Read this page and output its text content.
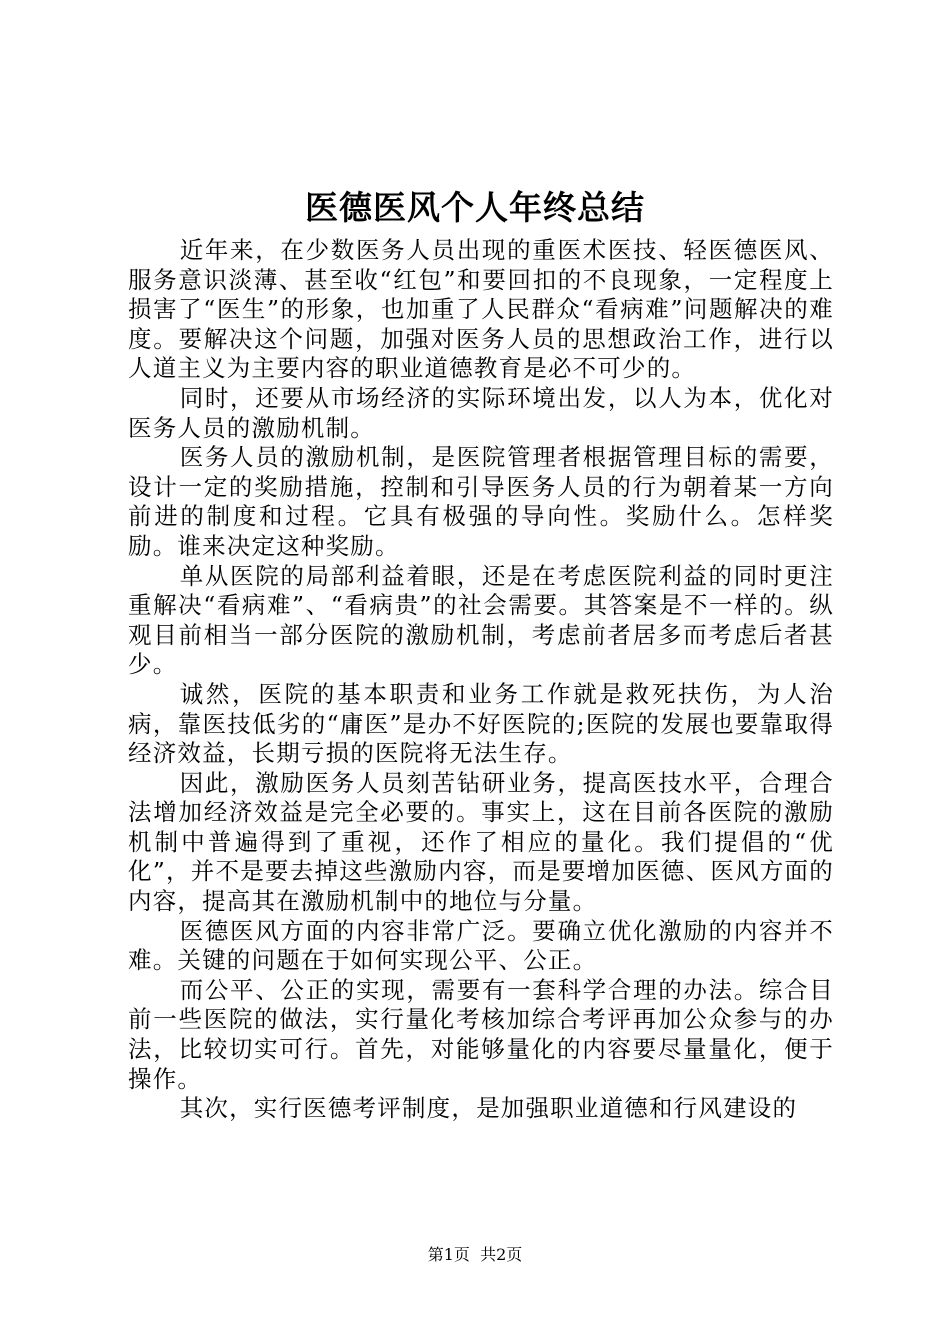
医德医风个人年终总结

近年来，在少数医务人员出现的重医术医技、轻医德医风、服务意识淡薄、甚至收“红包”和要回扣的不良现象，一定程度上损害了“医生”的形象，也加重了人民群众“看病难”问题解决的难度。要解决这个问题，加强对医务人员的思想政治工作，进行以人道主义为主要内容的职业道德教育是必不可少的。

同时，还要从市场经济的实际环境出发，以人为本，优化对医务人员的激励机制。

医务人员的激励机制，是医院管理者根据管理目标的需要，设计一定的奖励措施，控制和引导医务人员的行为朝着某一方向前进的制度和过程。它具有极强的导向性。奖励什么。怎样奖励。谁来决定这种奖励。

单从医院的局部利益着眼，还是在考虑医院利益的同时更注重解决“看病难”、“看病贵”的社会需要。其答案是不一样的。纵观目前相当一部分医院的激励机制，考虑前者居多而考虑后者甚少。

诚然，医院的基本职责和业务工作就是救死扶伤，为人治病，靠医技低劣的“庸医”是办不好医院的;医院的发展也要靠取得经济效益，长期亏损的医院将无法生存。

因此，激励医务人员刻苦钻研业务，提高医技水平，合理合法增加经济效益是完全必要的。事实上，这在目前各医院的激励机制中普遍得到了重视，还作了相应的量化。我们提倡的“优化”，并不是要去掉这些激励内容，而是要增加医德、医风方面的内容，提高其在激励机制中的地位与分量。

医德医风方面的内容非常广泛。要确立优化激励的内容并不难。关键的问题在于如何实现公平、公正。

而公平、公正的实现，需要有一套科学合理的办法。综合目前一些医院的做法，实行量化考核加综合考评再加公众参与的办法，比较切实可行。首先，对能够量化的内容要尽量量化，便于操作。

其次，实行医德考评制度，是加强职业道德和行风建设的

第1页  共2页
